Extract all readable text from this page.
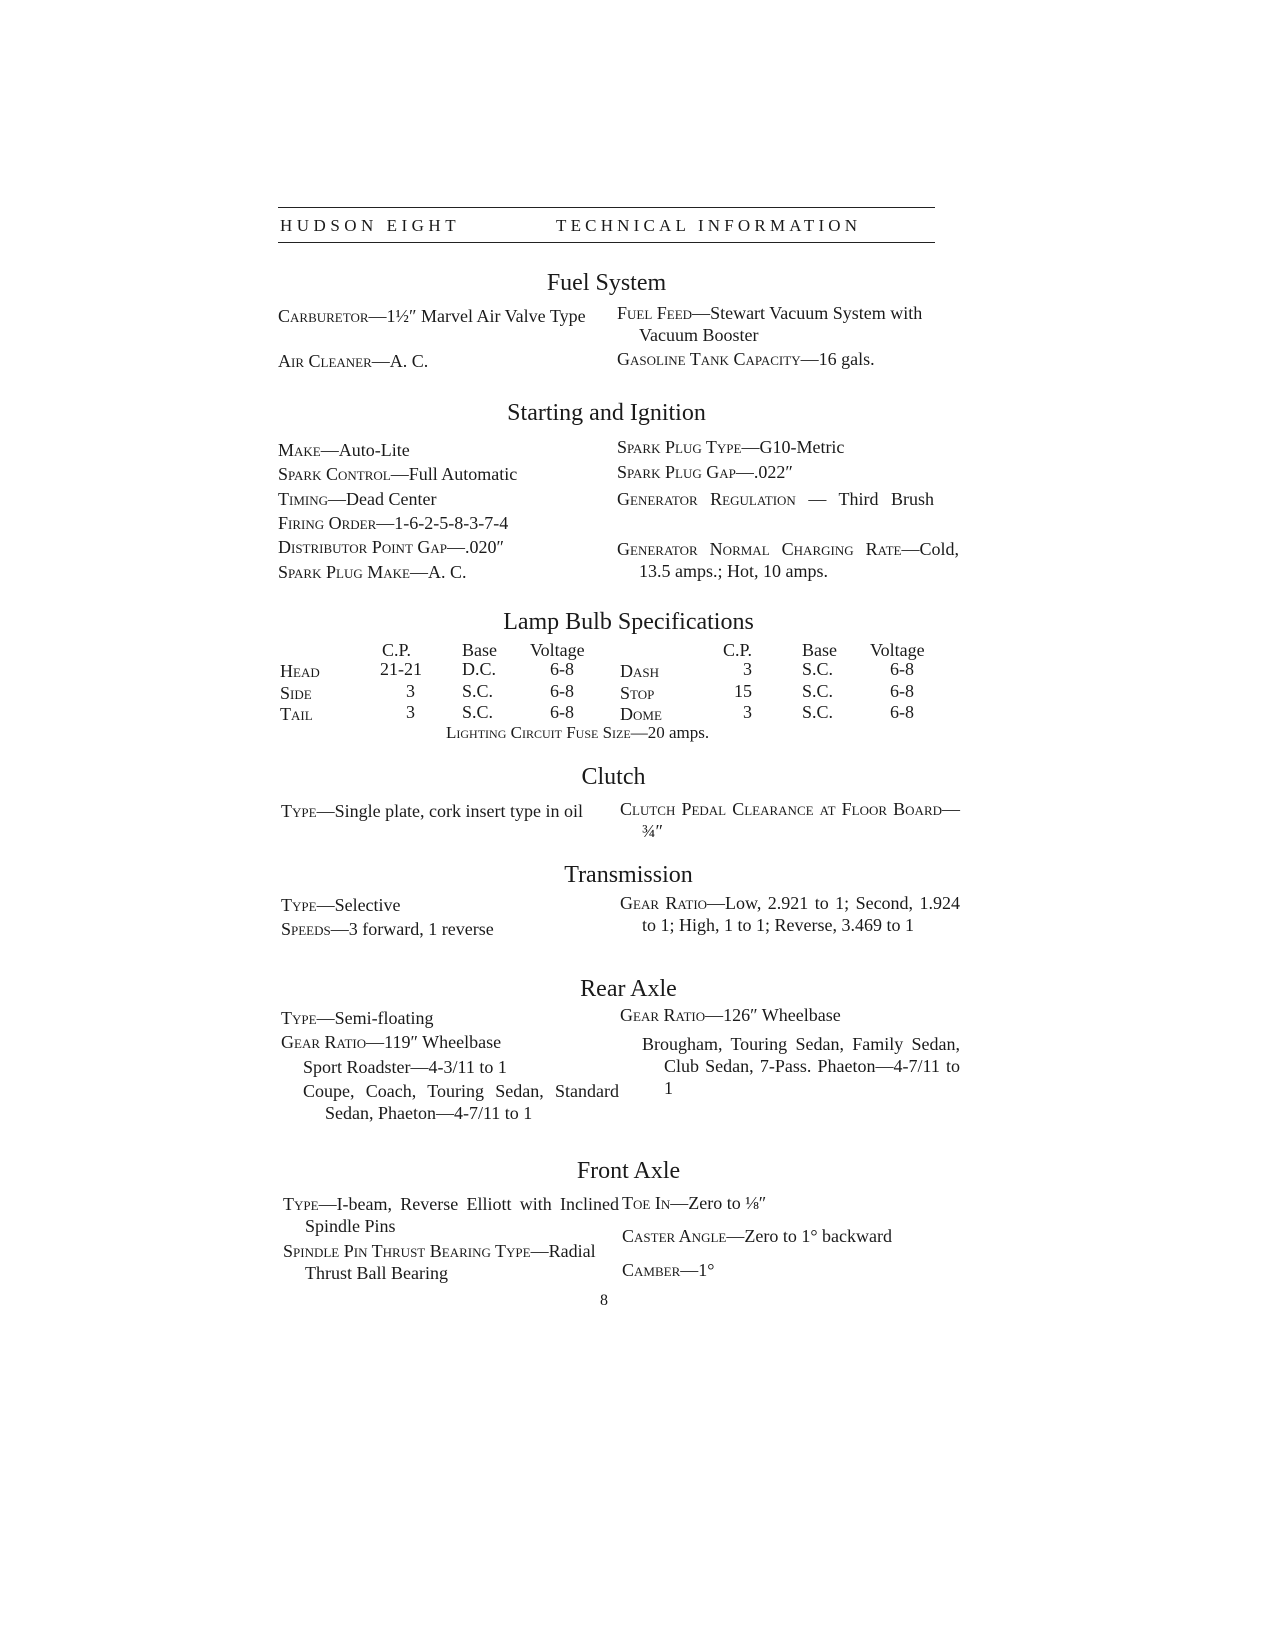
HUDSON EIGHT	TECHNICAL INFORMATION
Fuel System
Carburetor—1½″ Marvel Air Valve Type
Air Cleaner—A. C.
Fuel Feed—Stewart Vacuum System with Vacuum Booster
Gasoline Tank Capacity—16 gals.
Starting and Ignition
Make—Auto-Lite
Spark Control—Full Automatic
Timing—Dead Center
Firing Order—1-6-2-5-8-3-7-4
Distributor Point Gap—.020″
Spark Plug Make—A. C.
Spark Plug Type—G10-Metric
Spark Plug Gap—.022″
Generator Regulation — Third Brush
Generator Normal Charging Rate—Cold, 13.5 amps.; Hot, 10 amps.
Lamp Bulb Specifications
C.P.	Base Voltage	C.P.	Base Voltage
Head	21-21 D.C.	6-8	Dash	3	S.C.	6-8
Side	3	S.C.	6-8	Stop	15	S.C.	6-8
Tail	3	S.C.	6-8	Dome	3	S.C.	6-8
Lighting Circuit Fuse Size—20 amps.
Clutch
Type—Single plate, cork insert type in oil	Clutch Pedal Clearance at Floor Board—¾″
Transmission
Type—Selective
Speeds—3 forward, 1 reverse
Gear Ratio—Low, 2.921 to 1; Second, 1.924 to 1; High, 1 to 1; Reverse, 3.469 to 1
Rear Axle
Type—Semi-floating
Gear Ratio—119″ Wheelbase
Sport Roadster—4-3/11 to 1
Coupe, Coach, Touring Sedan, Standard Sedan, Phaeton—4-7/11 to 1
Gear Ratio—126″ Wheelbase
Brougham, Touring Sedan, Family Sedan, Club Sedan, 7-Pass. Phaeton—4-7/11 to 1
Front Axle
Type—I-beam, Reverse Elliott with Inclined Spindle Pins
Spindle Pin Thrust Bearing Type—Radial Thrust Ball Bearing
Toe In—Zero to ⅛″
Caster Angle—Zero to 1° backward
Camber—1°
8
